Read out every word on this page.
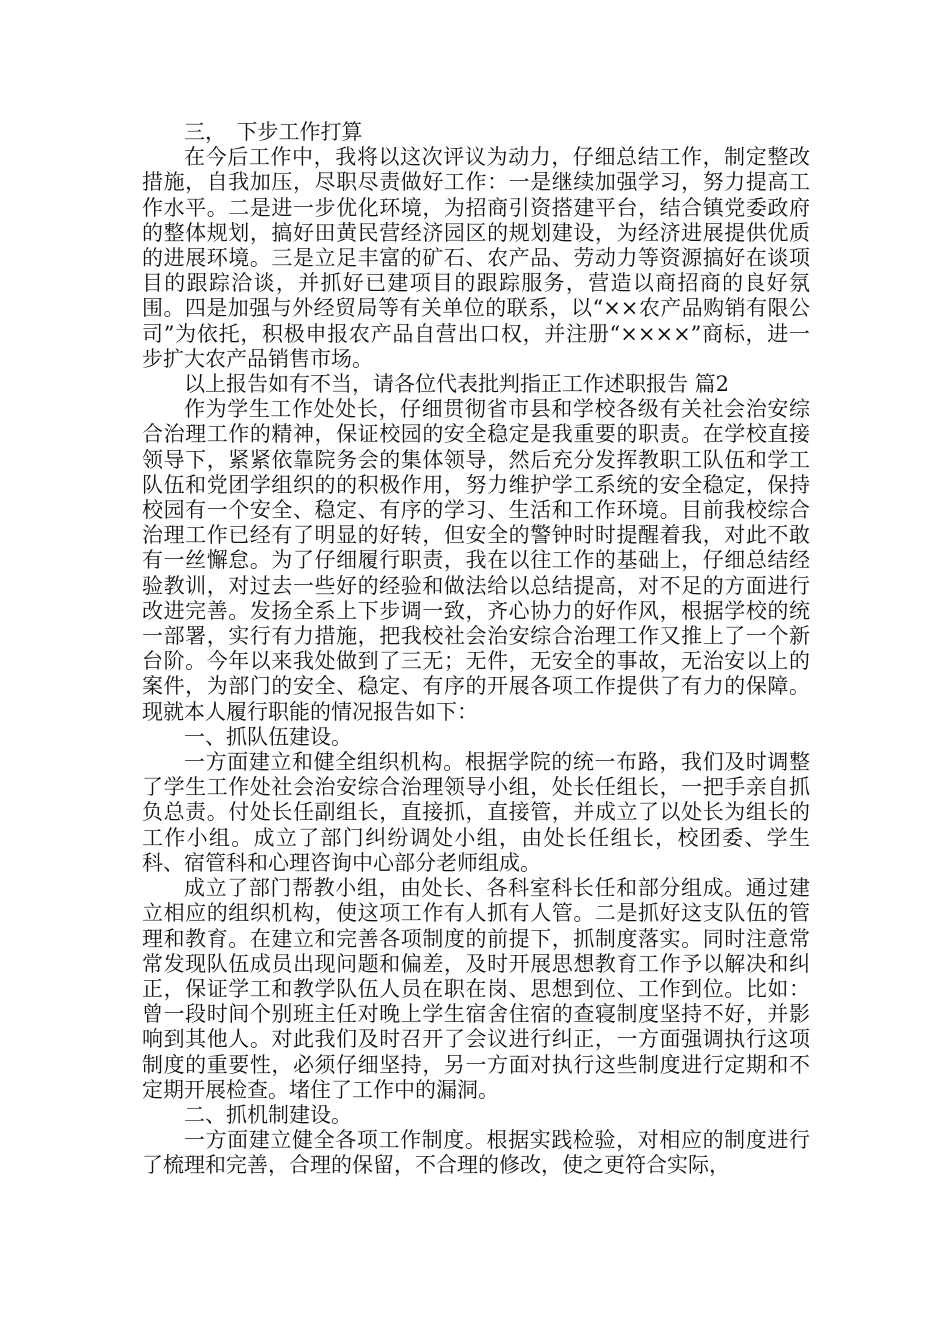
三，　下步工作打算

在今后工作中，我将以这次评议为动力，仔细总结工作，制定整改措施，自我加压，尽职尽责做好工作：一是继续加强学习，努力提高工作水平。二是进一步优化环境，为招商引资搭建平台，结合镇党委政府的整体规划，搞好田黄民营经济园区的规划建设，为经济进展提供优质的进展环境。三是立足丰富的矿石、农产品、劳动力等资源搞好在谈项目的跟踪洽谈，并抓好已建项目的跟踪服务，营造以商招商的良好氛围。四是加强与外经贸局等有关单位的联系，以“××农产品购销有限公司”为依托，积极申报农产品自营出口权，并注册“××××”商标，进一步扩大农产品销售市场。

以上报告如有不当，请各位代表批判指正工作述职报告 篇2

作为学生工作处处长，仔细贯彻省市县和学校各级有关社会治安综合治理工作的精神，保证校园的安全稳定是我重要的职责。在学校直接领导下，紧紧依靠院务会的集体领导，然后充分发挥教职工队伍和学工队伍和党团学组织的的积极作用，努力维护学工系统的安全稳定，保持校园有一个安全、稳定、有序的学习、生活和工作环境。目前我校综合治理工作已经有了明显的好转，但安全的警钟时时提醒着我，对此不敢有一丝懈怠。为了仔细履行职责，我在以往工作的基础上，仔细总结经验教训，对过去一些好的经验和做法给以总结提高，对不足的方面进行改进完善。发扬全系上下步调一致，齐心协力的好作风，根据学校的统一部署，实行有力措施，把我校社会治安综合治理工作又推上了一个新台阶。今年以来我处做到了三无；无件，无安全的事故，无治安以上的案件，为部门的安全、稳定、有序的开展各项工作提供了有力的保障。现就本人履行职能的情况报告如下：

一、抓队伍建设。

一方面建立和健全组织机构。根据学院的统一布路，我们及时调整了学生工作处社会治安综合治理领导小组，处长任组长，一把手亲自抓负总责。付处长任副组长，直接抓，直接管，并成立了以处长为组长的工作小组。成立了部门纠纷调处小组，由处长任组长，校团委、学生科、宿管科和心理咨询中心部分老师组成。

成立了部门帮教小组，由处长、各科室科长任和部分组成。通过建立相应的组织机构，使这项工作有人抓有人管。二是抓好这支队伍的管理和教育。在建立和完善各项制度的前提下，抓制度落实。同时注意常常发现队伍成员出现问题和偏差，及时开展思想教育工作予以解决和纠正，保证学工和教学队伍人员在职在岗、思想到位、工作到位。比如：曾一段时间个别班主任对晚上学生宿舍住宿的查寝制度坚持不好，并影响到其他人。对此我们及时召开了会议进行纠正，一方面强调执行这项制度的重要性，必须仔细坚持，另一方面对执行这些制度进行定期和不定期开展检查。堵住了工作中的漏洞。

二、抓机制建设。

一方面建立健全各项工作制度。根据实践检验，对相应的制度进行了梳理和完善，合理的保留，不合理的修改，使之更符合实际，
